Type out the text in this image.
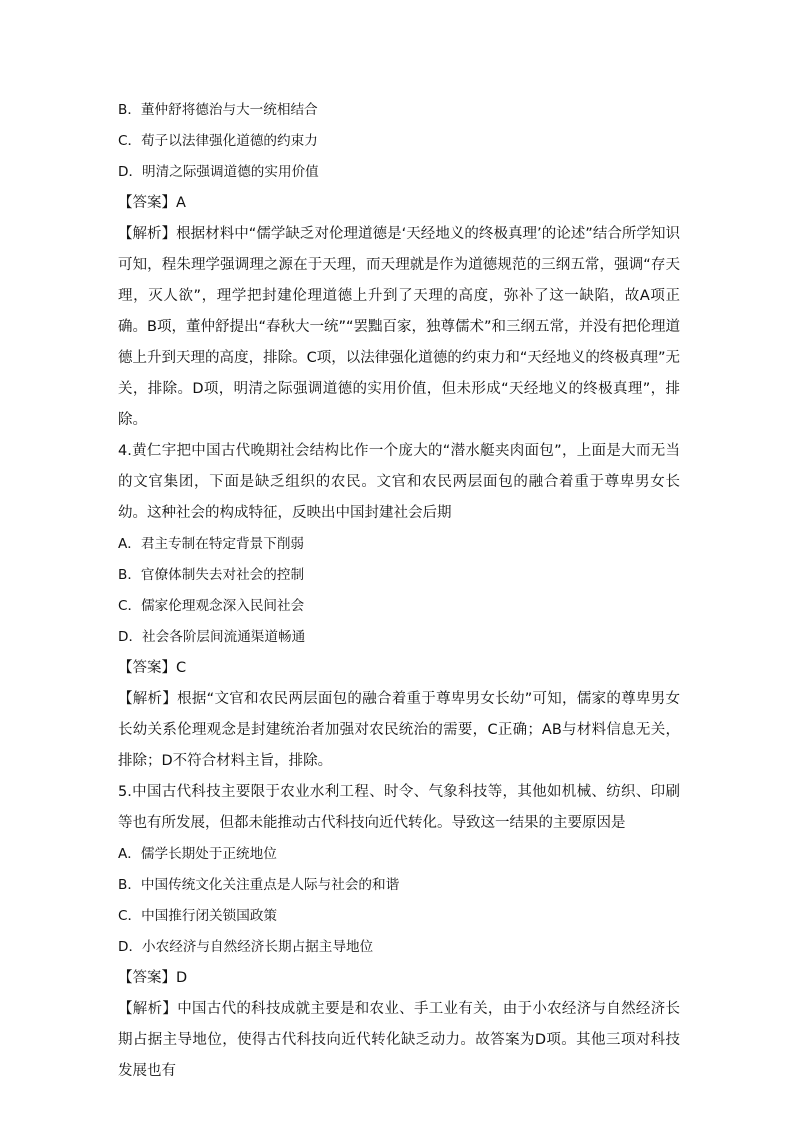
B．董仲舒将德治与大一统相结合
C．荀子以法律强化道德的约束力
D．明清之际强调道德的实用价值
【答案】A
【解析】根据材料中“儒学缺乏对伦理道德是‘天经地义的终极真理’的论述”结合所学知识可知，程朱理学强调理之源在于天理，而天理就是作为道德规范的三纲五常，强调“存天理，灭人欲”，理学把封建伦理道德上升到了天理的高度，弥补了这一缺陷，故A项正确。B项，董仲舒提出“春秋大一统”“罢黜百家，独尊儒术”和三纲五常，并没有把伦理道德上升到天理的高度，排除。C项，以法律强化道德的约束力和“天经地义的终极真理”无关，排除。D项，明清之际强调道德的实用价值，但未形成“天经地义的终极真理”，排除。
4.黄仁宇把中国古代晚期社会结构比作一个庞大的“潜水艇夹肉面包”，上面是大而无当的文官集团，下面是缺乏组织的农民。文官和农民两层面包的融合着重于尊卑男女长幼。这种社会的构成特征，反映出中国封建社会后期
A．君主专制在特定背景下削弱
B．官僚体制失去对社会的控制
C．儒家伦理观念深入民间社会
D．社会各阶层间流通渠道畅通
【答案】C
【解析】根据“文官和农民两层面包的融合着重于尊卑男女长幼”可知，儒家的尊卑男女长幼关系伦理观念是封建统治者加强对农民统治的需要，C正确；AB与材料信息无关，排除；D不符合材料主旨，排除。
5.中国古代科技主要限于农业水利工程、时令、气象科技等，其他如机械、纺织、印刷等也有所发展，但都未能推动古代科技向近代转化。导致这一结果的主要原因是
A．儒学长期处于正统地位
B．中国传统文化关注重点是人际与社会的和谐
C．中国推行闭关锁国政策
D．小农经济与自然经济长期占据主导地位
【答案】D
【解析】中国古代的科技成就主要是和农业、手工业有关，由于小农经济与自然经济长期占据主导地位，使得古代科技向近代转化缺乏动力。故答案为D项。其他三项对科技发展也有
